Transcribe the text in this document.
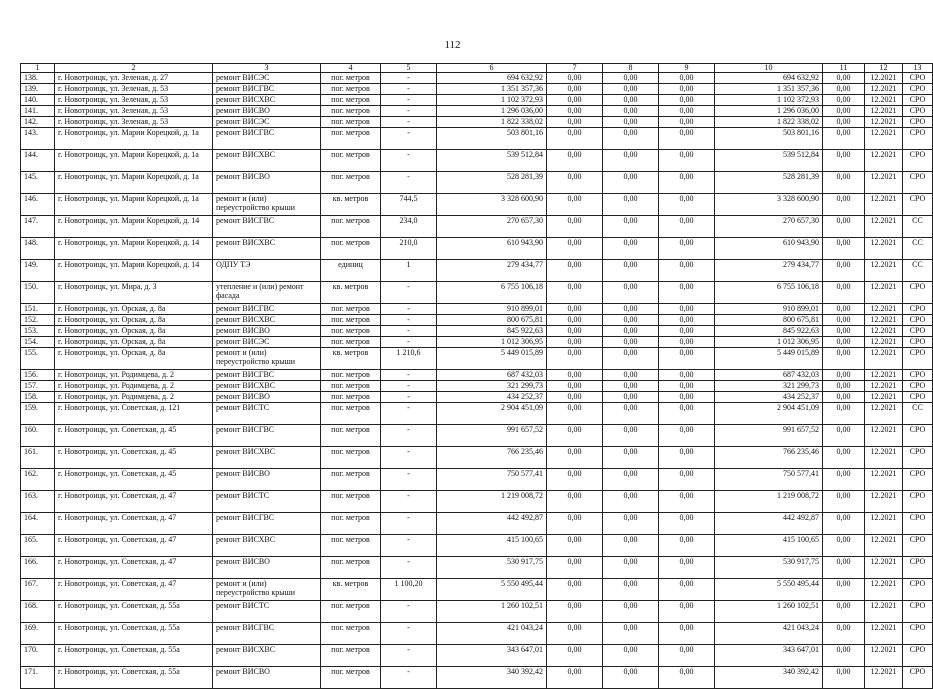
112
1	2	3	4	5	6	7	8	9	10	11	12	13
138.	г. Новотроицк, ул. Зеленая, д. 27	ремонт ВИСЭС	пог. метров	-	694 632,92	0,00	0,00	0,00	694 632,92	0,00	12.2021	СРО
139.	г. Новотроицк, ул. Зеленая, д. 53	ремонт ВИСГВС	пог. метров	-	1 351 357,36	0,00	0,00	0,00	1 351 357,36	0,00	12.2021	СРО
140.	г. Новотроицк, ул. Зеленая, д. 53	ремонт ВИСХВС	пог. метров	-	1 102 372,93	0,00	0,00	0,00	1 102 372,93	0,00	12.2021	СРО
141.	г. Новотроицк, ул. Зеленая, д. 53	ремонт ВИСВО	пог. метров	-	1 296 036,00	0,00	0,00	0,00	1 296 036,00	0,00	12.2021	СРО
142.	г. Новотроицк, ул. Зеленая, д. 53	ремонт ВИСЭС	пог. метров	-	1 822 338,02	0,00	0,00	0,00	1 822 338,02	0,00	12.2021	СРО
143.	г. Новотроицк, ул. Марии Корецкой, д. 1а	ремонт ВИСГВС	пог. метров	-	503 801,16	0,00	0,00	0,00	503 801,16	0,00	12.2021	СРО
144.	г. Новотроицк, ул. Марии Корецкой, д. 1а	ремонт ВИСХВС	пог. метров	-	539 512,84	0,00	0,00	0,00	539 512,84	0,00	12.2021	СРО
145.	г. Новотроицк, ул. Марии Корецкой, д. 1а	ремонт ВИСВО	пог. метров	-	528 281,39	0,00	0,00	0,00	528 281,39	0,00	12.2021	СРО
146.	г. Новотроицк, ул. Марии Корецкой, д. 1а	ремонт и (или) переустройство крыши	кв. метров	744,5	3 328 600,90	0,00	0,00	0,00	3 328 600,90	0,00	12.2021	СРО
147.	г. Новотроицк, ул. Марии Корецкой, д. 14	ремонт ВИСГВС	пог. метров	234,0	270 657,30	0,00	0,00	0,00	270 657,30	0,00	12.2021	СС
148.	г. Новотроицк, ул. Марии Корецкой, д. 14	ремонт ВИСХВС	пог. метров	210,0	610 943,90	0,00	0,00	0,00	610 943,90	0,00	12.2021	СС
149.	г. Новотроицк, ул. Марии Корецкой, д. 14	ОДПУ ТЭ	единиц	1	279 434,77	0,00	0,00	0,00	279 434,77	0,00	12.2021	СС
150.	г. Новотроицк, ул. Мира, д. 3	утепление и (или) ремонт фасада	кв. метров	-	6 755 106,18	0,00	0,00	0,00	6 755 106,18	0,00	12.2021	СРО
151.	г. Новотроицк, ул. Орская, д. 8а	ремонт ВИСГВС	пог. метров	-	910 899,01	0,00	0,00	0,00	910 899,01	0,00	12.2021	СРО
152.	г. Новотроицк, ул. Орская, д. 8а	ремонт ВИСХВС	пог. метров	-	800 675,81	0,00	0,00	0,00	800 675,81	0,00	12.2021	СРО
153.	г. Новотроицк, ул. Орская, д. 8а	ремонт ВИСВО	пог. метров	-	845 922,63	0,00	0,00	0,00	845 922,63	0,00	12.2021	СРО
154.	г. Новотроицк, ул. Орская, д. 8а	ремонт ВИСЭС	пог. метров	-	1 012 306,95	0,00	0,00	0,00	1 012 306,95	0,00	12.2021	СРО
155.	г. Новотроицк, ул. Орская, д. 8а	ремонт и (или) переустройство крыши	кв. метров	1 210,6	5 449 015,89	0,00	0,00	0,00	5 449 015,89	0,00	12.2021	СРО
156.	г. Новотроицк, ул. Родимцева, д. 2	ремонт ВИСГВС	пог. метров	-	687 432,03	0,00	0,00	0,00	687 432,03	0,00	12.2021	СРО
157.	г. Новотроицк, ул. Родимцева, д. 2	ремонт ВИСХВС	пог. метров	-	321 299,73	0,00	0,00	0,00	321 299,73	0,00	12.2021	СРО
158.	г. Новотроицк, ул. Родимцева, д. 2	ремонт ВИСВО	пог. метров	-	434 252,37	0,00	0,00	0,00	434 252,37	0,00	12.2021	СРО
159.	г. Новотроицк, ул. Советская, д. 121	ремонт ВИСТС	пог. метров	-	2 904 451,09	0,00	0,00	0,00	2 904 451,09	0,00	12.2021	СС
160.	г. Новотроицк, ул. Советская, д. 45	ремонт ВИСГВС	пог. метров	-	991 657,52	0,00	0,00	0,00	991 657,52	0,00	12.2021	СРО
161.	г. Новотроицк, ул. Советская, д. 45	ремонт ВИСХВС	пог. метров	-	766 235,46	0,00	0,00	0,00	766 235,46	0,00	12.2021	СРО
162.	г. Новотроицк, ул. Советская, д. 45	ремонт ВИСВО	пог. метров	-	750 577,41	0,00	0,00	0,00	750 577,41	0,00	12.2021	СРО
163.	г. Новотроицк, ул. Советская, д. 47	ремонт ВИСТС	пог. метров	-	1 219 008,72	0,00	0,00	0,00	1 219 008,72	0,00	12.2021	СРО
164.	г. Новотроицк, ул. Советская, д. 47	ремонт ВИСГВС	пог. метров	-	442 492,87	0,00	0,00	0,00	442 492,87	0,00	12.2021	СРО
165.	г. Новотроицк, ул. Советская, д. 47	ремонт ВИСХВС	пог. метров	-	415 100,65	0,00	0,00	0,00	415 100,65	0,00	12.2021	СРО
166.	г. Новотроицк, ул. Советская, д. 47	ремонт ВИСВО	пог. метров	-	530 917,75	0,00	0,00	0,00	530 917,75	0,00	12.2021	СРО
167.	г. Новотроицк, ул. Советская, д. 47	ремонт и (или) переустройство крыши	кв. метров	1 100,20	5 550 495,44	0,00	0,00	0,00	5 550 495,44	0,00	12.2021	СРО
168.	г. Новотроицк, ул. Советская, д. 55а	ремонт ВИСТС	пог. метров	-	1 260 102,51	0,00	0,00	0,00	1 260 102,51	0,00	12.2021	СРО
169.	г. Новотроицк, ул. Советская, д. 55а	ремонт ВИСГВС	пог. метров	-	421 043,24	0,00	0,00	0,00	421 043,24	0,00	12.2021	СРО
170.	г. Новотроицк, ул. Советская, д. 55а	ремонт ВИСХВС	пог. метров	-	343 647,01	0,00	0,00	0,00	343 647,01	0,00	12.2021	СРО
171.	г. Новотроицк, ул. Советская, д. 55а	ремонт ВИСВО	пог. метров	-	340 392,42	0,00	0,00	0,00	340 392,42	0,00	12.2021	СРО
